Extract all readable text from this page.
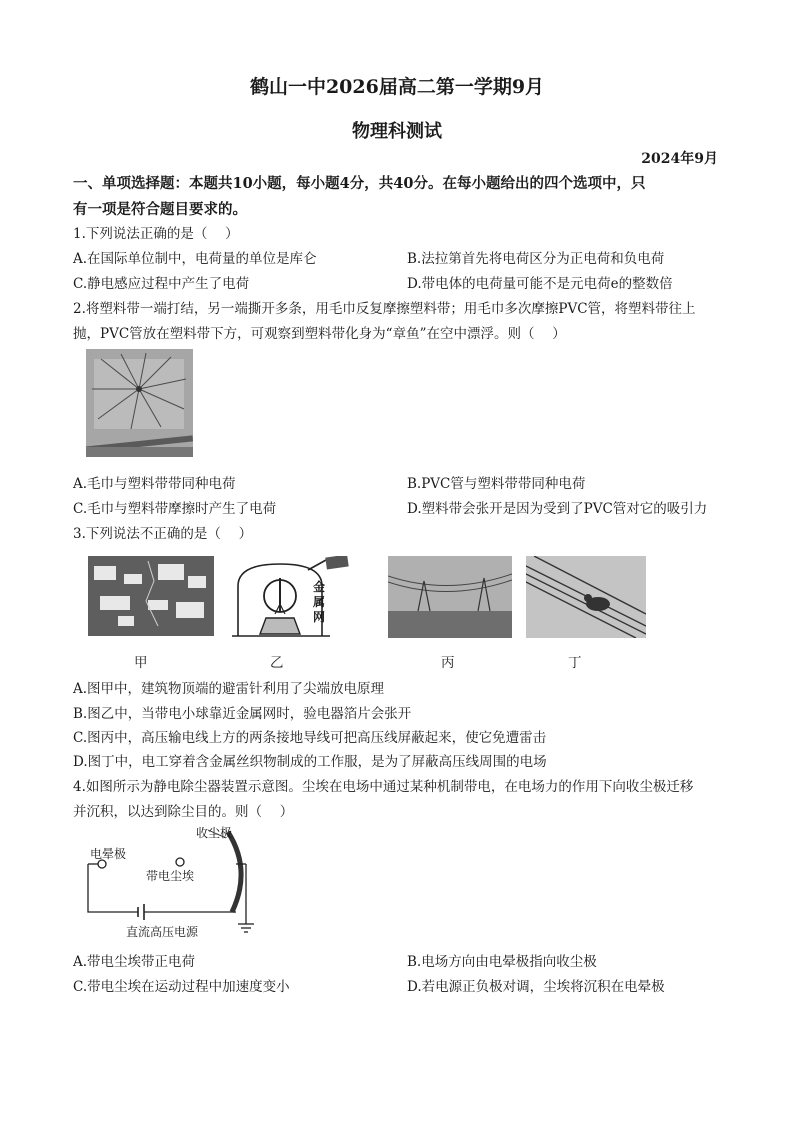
鹤山一中2026届高二第一学期9月
物理科测试
2024年9月
一、单项选择题：本题共10小题，每小题4分，共40分。在每小题给出的四个选项中，只
有一项是符合题目要求的。
1.下列说法正确的是（　 ）
A.在国际单位制中，电荷量的单位是库仑	B.法拉第首先将电荷区分为正电荷和负电荷
C.静电感应过程中产生了电荷	D.带电体的电荷量可能不是元电荷e的整数倍
2.将塑料带一端打结，另一端撕开多条，用毛巾反复摩擦塑料带；用毛巾多次摩擦PVC管，将塑料带往上
抛，PVC管放在塑料带下方，可观察到塑料带化身为“章鱼”在空中漂浮。则（　 ）
A.毛巾与塑料带带同种电荷	B.PVC管与塑料带带同种电荷
C.毛巾与塑料带摩擦时产生了电荷	D.塑料带会张开是因为受到了PVC管对它的吸引力
3.下列说法不正确的是（　 ）
金
属
网
甲	乙	丙	丁
A.图甲中，建筑物顶端的避雷针利用了尖端放电原理
B.图乙中，当带电小球靠近金属网时，验电器箔片会张开
C.图丙中，高压输电线上方的两条接地导线可把高压线屏蔽起来，使它免遭雷击
D.图丁中，电工穿着含金属丝织物制成的工作服，是为了屏蔽高压线周围的电场
4.如图所示为静电除尘器装置示意图。尘埃在电场中通过某种机制带电，在电场力的作用下向收尘极迁移
并沉积，以达到除尘目的。则（　 ）
电晕极
收尘极
带电尘埃
直流高压电源
A.带电尘埃带正电荷	B.电场方向由电晕极指向收尘极
C.带电尘埃在运动过程中加速度变小	D.若电源正负极对调，尘埃将沉积在电晕极
